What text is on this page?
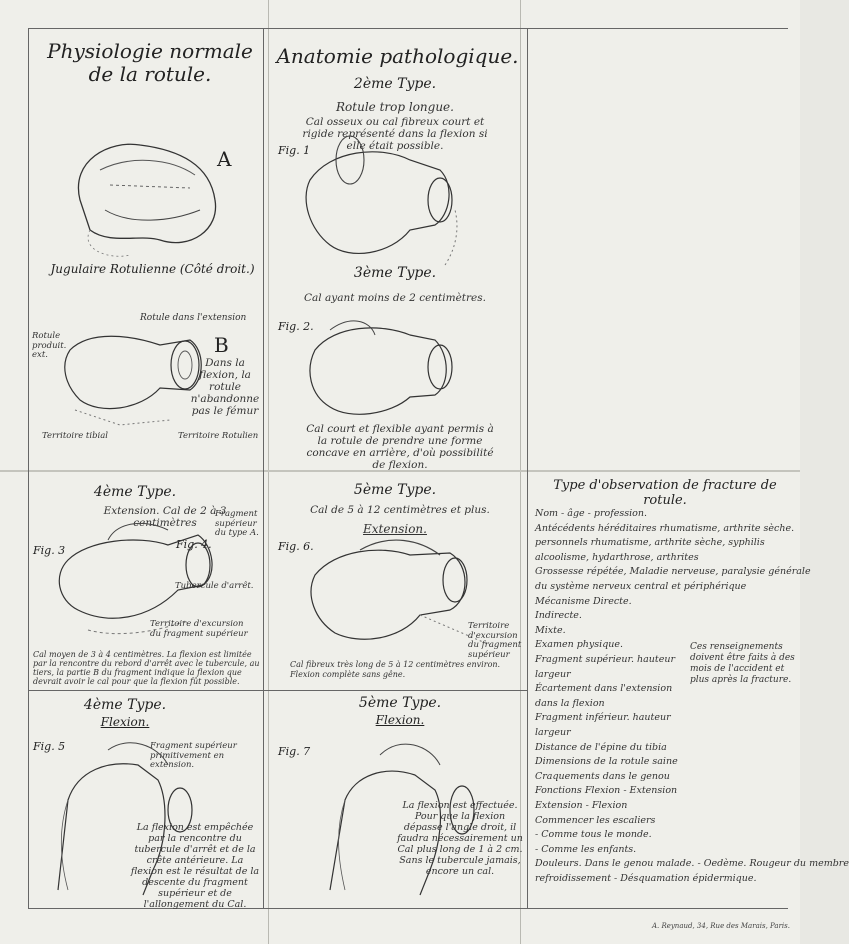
Physiologie normale
de la rotule.
A
Jugulaire Rotulienne (Côté droit.)
Rotule dans l'extension
Rotule produit. ext.	B
Dans la flexion, la rotule n'abandonne pas le fémur
Territoire tibial	Territoire Rotulien
4ème Type.
Extension. Cal de 2 à 3 centimètres
Fig. 3	Fig. 4.
Fragment supérieur du type A.
Tubercule d'arrêt.
Territoire d'excursion du fragment supérieur
Cal moyen de 3 à 4 centimètres. La flexion est limitée par la rencontre du rebord d'arrêt avec le tubercule, au tiers, la partie B du fragment indique la flexion que devrait avoir le cal pour que la flexion fût possible.
4ème Type.
Flexion.
Fig. 5	Fragment supérieur primitivement en extension.
La flexion est empêchée par la rencontre du tubercule d'arrêt et de la crête antérieure. La flexion est le résultat de la descente du fragment supérieur et de l'allongement du Cal.
Anatomie pathologique.
2ème Type.
Rotule trop longue.
Cal osseux ou cal fibreux court et rigide représenté dans la flexion si elle était possible.
Fig. 1
3ème Type.
Cal ayant moins de 2 centimètres.
Fig. 2.
Cal court et flexible ayant permis à la rotule de prendre une forme concave en arrière, d'où possibilité de flexion.
5ème Type.
Cal de 5 à 12 centimètres et plus.
Extension.
Fig. 6.
Territoire d'excursion du fragment supérieur
Cal fibreux très long de 5 à 12 centimètres environ. Flexion complète sans gêne.
5ème Type.
Flexion.
Fig. 7
La flexion est effectuée. Pour que la flexion dépasse l'angle droit, il faudra nécessairement un Cal plus long de 1 à 2 cm. Sans le tubercule jamais, encore un cal.
Type d'observation de fracture de rotule.
Nom - âge - profession.
Antécédents héréditaires rhumatisme, arthrite sèche.
personnels rhumatisme, arthrite sèche, syphilis
alcoolisme, hydarthrose, arthrites
Grossesse répétée, Maladie nerveuse, paralysie générale
du système nerveux central et périphérique
Mécanisme Directe.
Indirecte.
Mixte.
Examen physique.
Fragment supérieur. hauteur
largeur
Écartement dans l'extension
dans la flexion
Fragment inférieur. hauteur
largeur
Distance de l'épine du tibia
Dimensions de la rotule saine
Craquements dans le genou
Fonctions Flexion - Extension
Extension - Flexion
Commencer les escaliers
- Comme tous le monde.
- Comme les enfants.
Douleurs. Dans le genou malade. - Oedème. Rougeur du membre
refroidissement - Désquamation épidermique.
Ces renseignements doivent être faits à des mois de l'accident et plus après la fracture.
A. Reynaud, 34, Rue des Marais, Paris.
